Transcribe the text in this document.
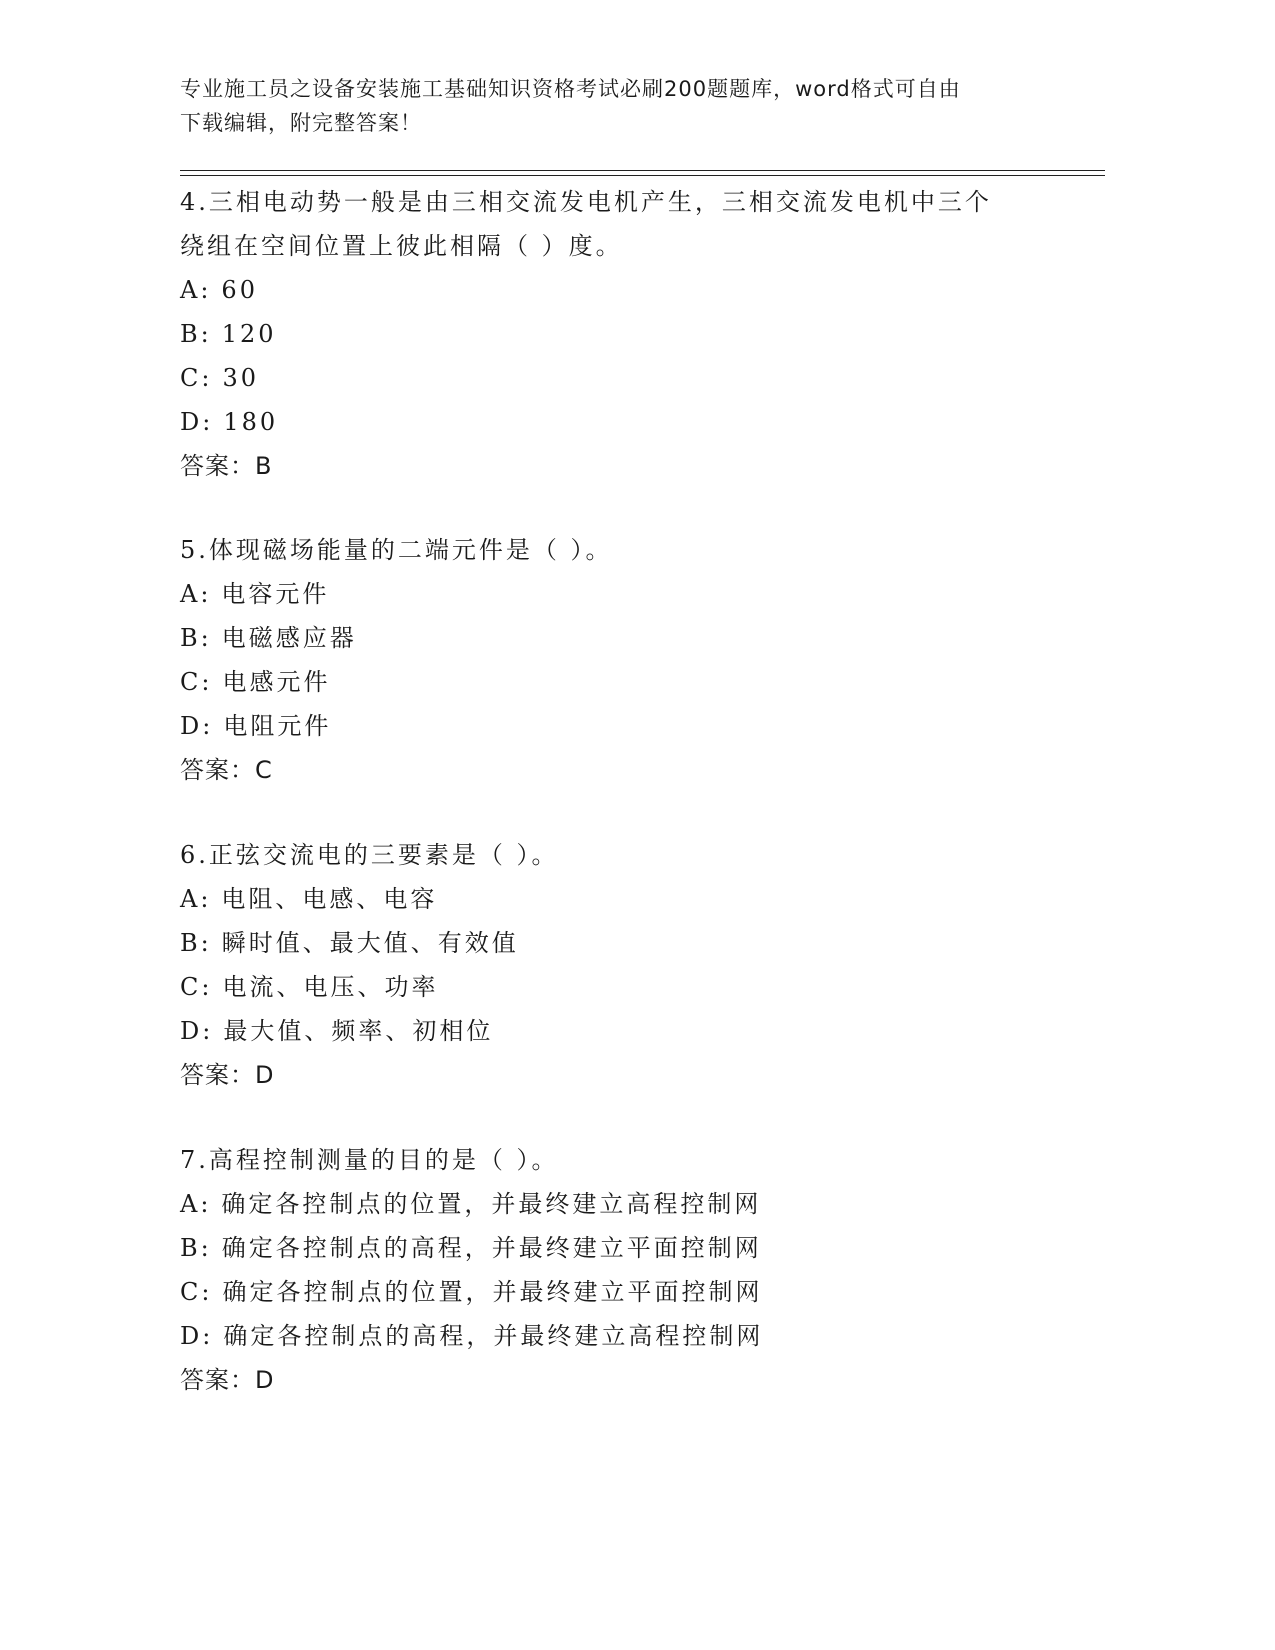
专业施工员之设备安装施工基础知识资格考试必刷200题题库，word格式可自由
下载编辑，附完整答案！
4.三相电动势一般是由三相交流发电机产生，三相交流发电机中三个
绕组在空间位置上彼此相隔（ ）度。
A: 60
B: 120
C: 30
D: 180
答案：B
5.体现磁场能量的二端元件是（ ）。
A: 电容元件
B: 电磁感应器
C: 电感元件
D: 电阻元件
答案：C
6.正弦交流电的三要素是（ ）。
A: 电阻、电感、电容
B: 瞬时值、最大值、有效值
C: 电流、电压、功率
D: 最大值、频率、初相位
答案：D
7.高程控制测量的目的是（ ）。
A: 确定各控制点的位置，并最终建立高程控制网
B: 确定各控制点的高程，并最终建立平面控制网
C: 确定各控制点的位置，并最终建立平面控制网
D: 确定各控制点的高程，并最终建立高程控制网
答案：D
